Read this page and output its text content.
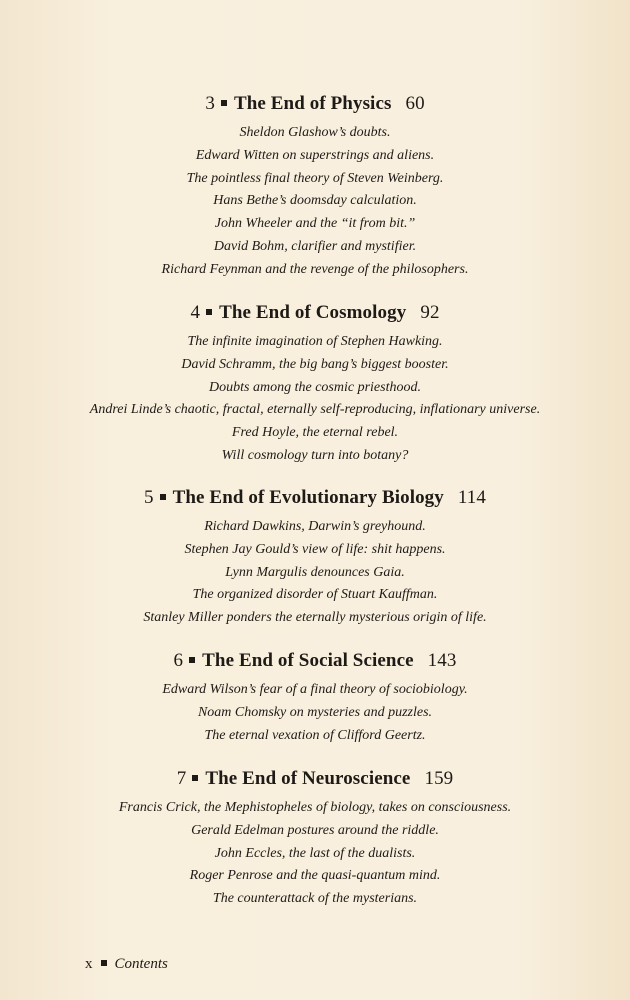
3 The End of Physics 60
Sheldon Glashow’s doubts.
Edward Witten on superstrings and aliens.
The pointless final theory of Steven Weinberg.
Hans Bethe’s doomsday calculation.
John Wheeler and the “it from bit.”
David Bohm, clarifier and mystifier.
Richard Feynman and the revenge of the philosophers.
4 The End of Cosmology 92
The infinite imagination of Stephen Hawking.
David Schramm, the big bang’s biggest booster.
Doubts among the cosmic priesthood.
Andrei Linde’s chaotic, fractal, eternally self-reproducing, inflationary universe.
Fred Hoyle, the eternal rebel.
Will cosmology turn into botany?
5 The End of Evolutionary Biology 114
Richard Dawkins, Darwin’s greyhound.
Stephen Jay Gould’s view of life: shit happens.
Lynn Margulis denounces Gaia.
The organized disorder of Stuart Kauffman.
Stanley Miller ponders the eternally mysterious origin of life.
6 The End of Social Science 143
Edward Wilson’s fear of a final theory of sociobiology.
Noam Chomsky on mysteries and puzzles.
The eternal vexation of Clifford Geertz.
7 The End of Neuroscience 159
Francis Crick, the Mephistopheles of biology, takes on consciousness.
Gerald Edelman postures around the riddle.
John Eccles, the last of the dualists.
Roger Penrose and the quasi-quantum mind.
The counterattack of the mysterians.
x Contents
